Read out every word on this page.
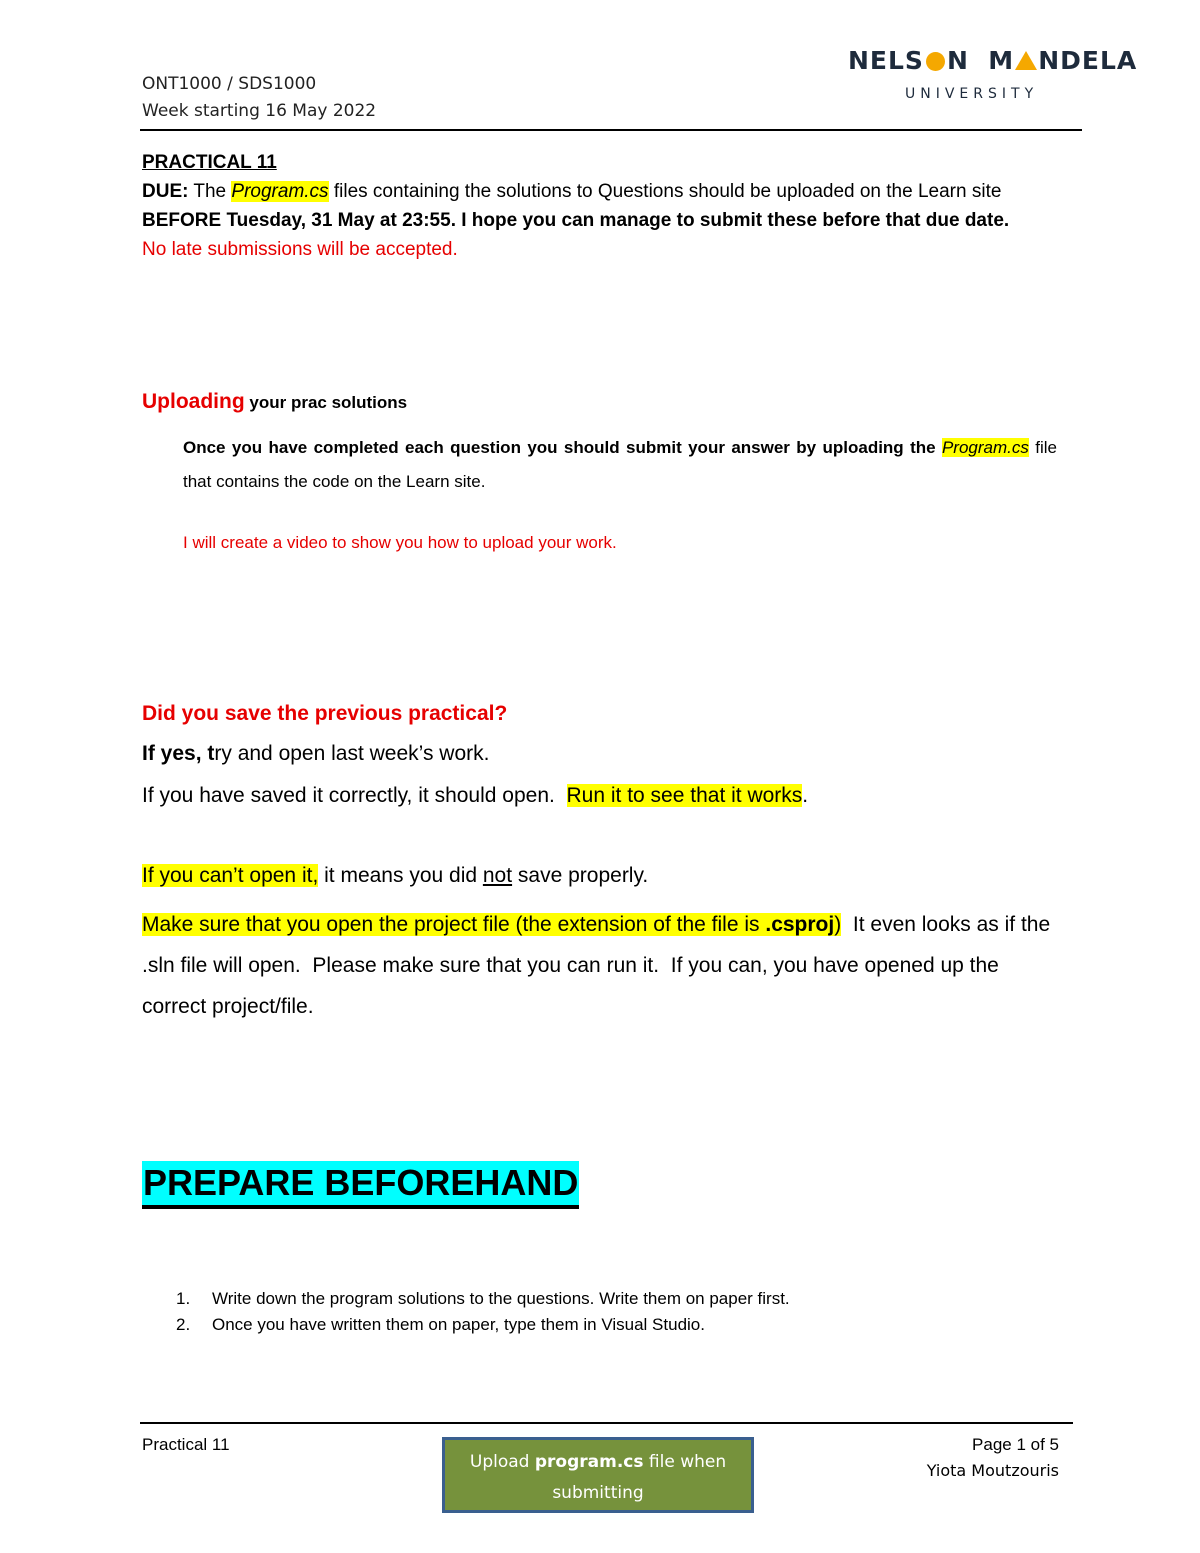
ONT1000 / SDS1000
Week starting 16 May 2022
NELS N M NDELA
UNIVERSITY
PRACTICAL 11
DUE: The Program.cs files containing the solutions to Questions should be uploaded on the Learn site BEFORE Tuesday, 31 May at 23:55. I hope you can manage to submit these before that due date.
No late submissions will be accepted.
Uploading your prac solutions
Once you have completed each question you should submit your answer by uploading the Program.cs file that contains the code on the Learn site.
I will create a video to show you how to upload your work.
Did you save the previous practical?
If yes, try and open last week’s work.
If you have saved it correctly, it should open.  Run it to see that it works.
If you can’t open it, it means you did not save properly.
Make sure that you open the project file (the extension of the file is .csproj)  It even looks as if the .sln file will open.  Please make sure that you can run it.  If you can, you have opened up the correct project/file.
PREPARE BEFOREHAND
1.	Write down the program solutions to the questions. Write them on paper first.
2.	Once you have written them on paper, type them in Visual Studio.
Practical 11
Upload program.cs file when submitting
Page 1 of 5
Yiota Moutzouris
